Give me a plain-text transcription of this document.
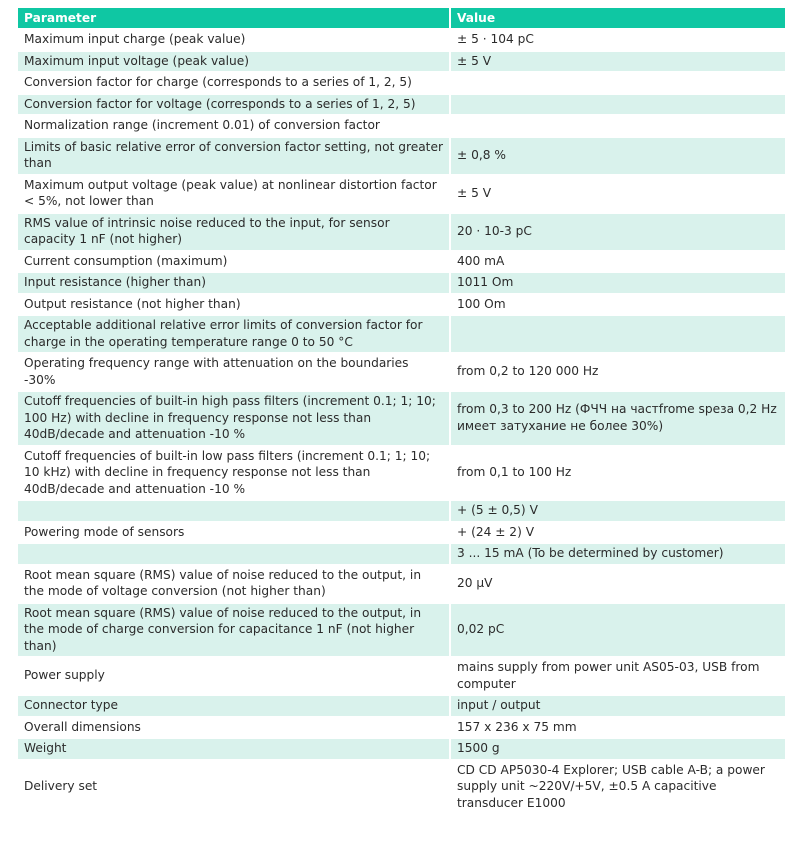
Parameter	Value
Maximum input charge (peak value)	± 5 · 104 pC
Maximum input voltage (peak value)	± 5 V
Conversion factor for charge (corresponds to a series of 1, 2, 5)	
Conversion factor for voltage (corresponds to a series of 1, 2, 5)	
Normalization range (increment 0.01) of conversion factor	
Limits of basic relative error of conversion factor setting, not greater than	± 0,8 %
Maximum output voltage (peak value) at nonlinear distortion factor < 5%, not lower than	± 5 V
RMS value of intrinsic noise reduced to the input, for sensor capacity 1 nF (not higher)	20 · 10-3 pC
Current consumption (maximum)	400 mA
Input resistance (higher than)	1011 Om
Output resistance (not higher than)	100 Om
Acceptable additional relative error limits of conversion factor for charge in the operating temperature range 0 to 50 °C	
Operating frequency range with attenuation on the boundaries -30%	from 0,2 to 120 000 Hz
Cutoff frequencies of built-in high pass filters (increment 0.1; 1; 10; 100 Hz) with decline in frequency response not less than 40dB/decade and attenuation -10 %	from 0,3 to 200 Hz (ФЧЧ на частfrome sреза 0,2 Hz имеет затухание не более 30%)
Cutoff frequencies of built-in low pass filters (increment 0.1; 1; 10; 10 kHz) with decline in frequency response not less than 40dB/decade and attenuation -10 %	from 0,1 to 100 Hz
	+ (5 ± 0,5) V
Powering mode of sensors	+ (24 ± 2) V
	3 ... 15 mA (To be determined by customer)
Root mean square (RMS) value of noise reduced to the output, in the mode of voltage conversion (not higher than)	20 μV
Root mean square (RMS) value of noise reduced to the output, in the mode of charge conversion for capacitance 1 nF (not higher than)	0,02 pC
Power supply	mains supply from power unit AS05-03, USB from computer
Connector type	input / output
Overall dimensions	157 x 236 x 75 mm
Weight	1500 g
Delivery set	CD CD AP5030-4 Explorer; USB cable A-B; a power supply unit ~220V/+5V, ±0.5 A capacitive transducer E1000
